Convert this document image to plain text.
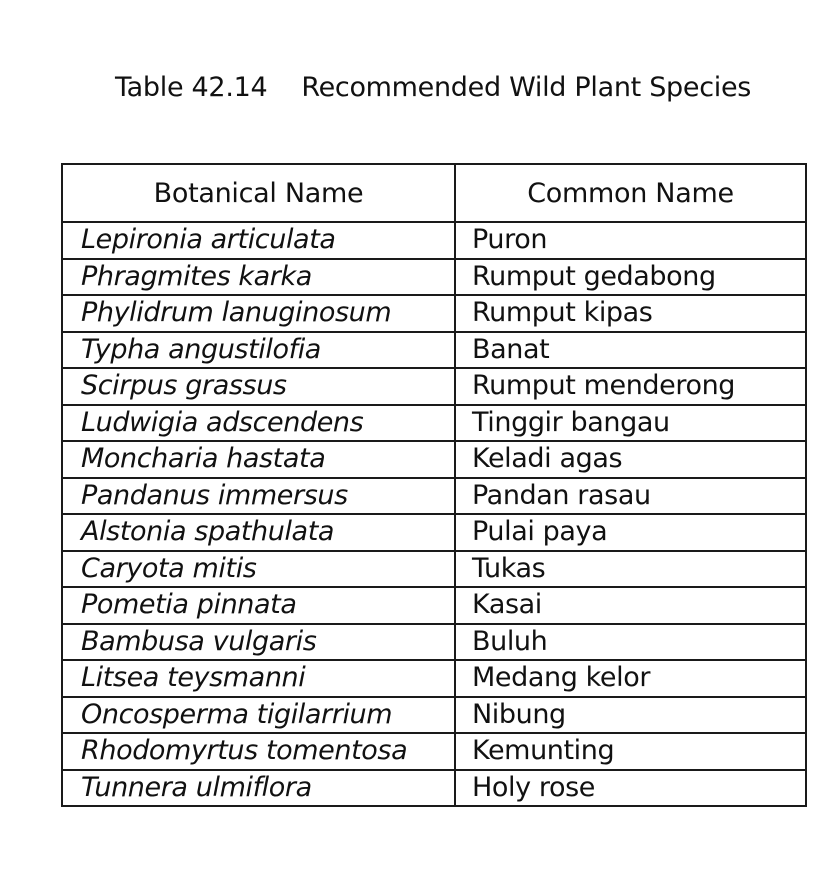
Table 42.14 Recommended Wild Plant Species
Botanical Name	Common Name
Lepironia articulata	Puron
Phragmites karka	Rumput gedabong
Phylidrum lanuginosum	Rumput kipas
Typha angustilofia	Banat
Scirpus grassus	Rumput menderong
Ludwigia adscendens	Tinggir bangau
Moncharia hastata	Keladi agas
Pandanus immersus	Pandan rasau
Alstonia spathulata	Pulai paya
Caryota mitis	Tukas
Pometia pinnata	Kasai
Bambusa vulgaris	Buluh
Litsea teysmanni	Medang kelor
Oncosperma tigilarrium	Nibung
Rhodomyrtus tomentosa	Kemunting
Tunnera ulmiflora	Holy rose
